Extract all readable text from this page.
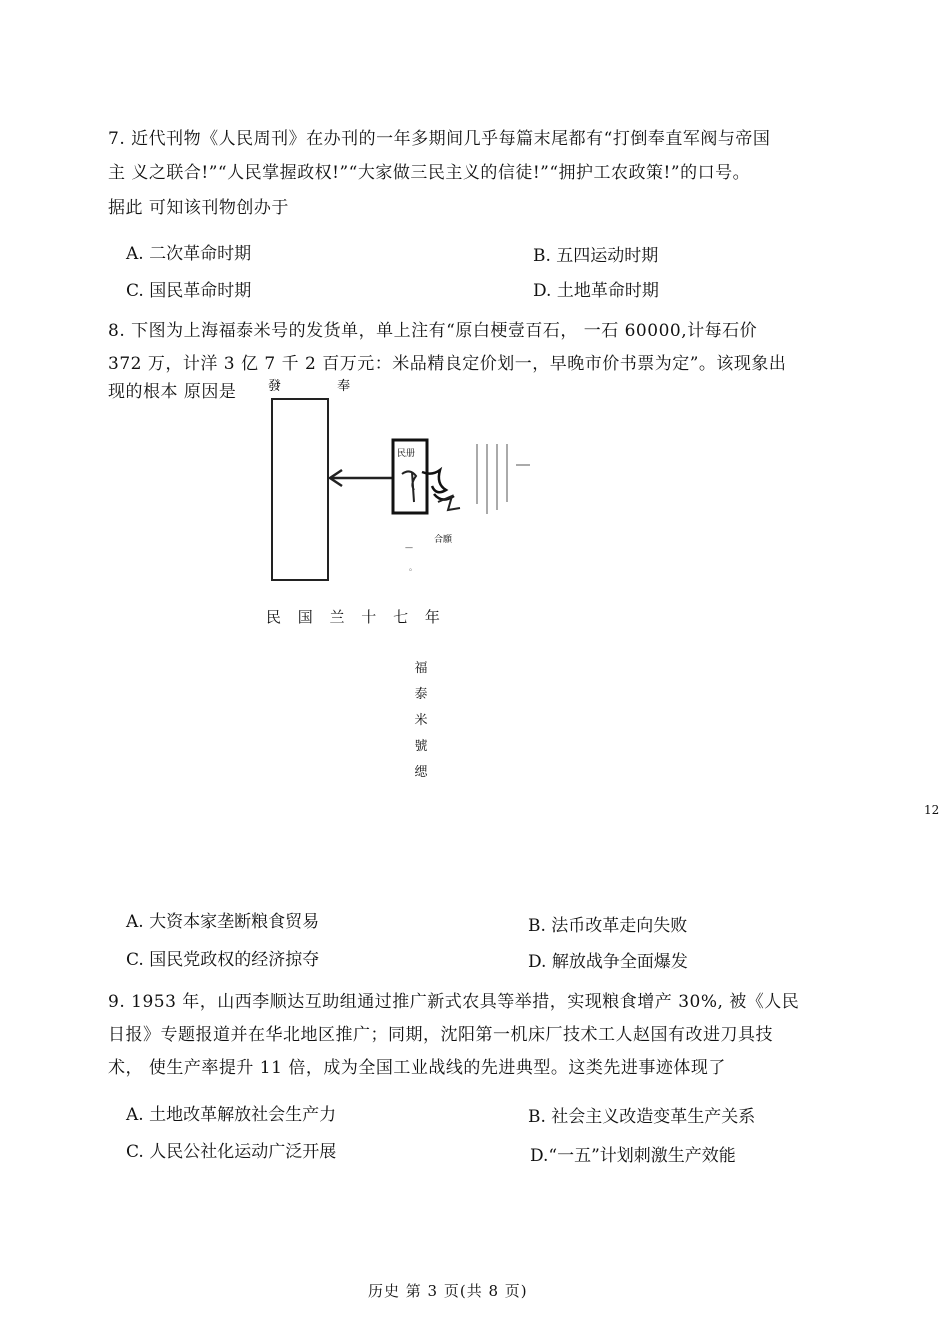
7. 近代刊物《人民周刊》在办刊的一年多期间几乎每篇末尾都有“打倒奉直军阀与帝国
主 义之联合!”“人民掌握政权!”“大家做三民主义的信徒!”“拥护工农政策!”的口号。
据此 可知该刊物创办于
A. 二次革命时期	B. 五四运动时期
C. 国民革命时期	D. 土地革命时期
8. 下图为上海福泰米号的发货单，单上注有“原白梗壹百石， 一石 60000,计每石价
372 万，计洋 3 亿 7 千 2 百万元：米品精良定价划一，早晚市价书票为定”。该现象出
现的根本 原因是 發 奉
民册
合願
—
。
民 国 兰 十 七 年
福
泰
米
號
缌
12
A. 大资本家垄断粮食贸易	B. 法币改革走向失败
C. 国民党政权的经济掠夺	D. 解放战争全面爆发
9. 1953 年，山西李顺达互助组通过推广新式农具等举措，实现粮食增产 30%, 被《人民
日报》专题报道并在华北地区推广；同期，沈阳第一机床厂技术工人赵国有改进刀具技
术， 使生产率提升 11 倍，成为全国工业战线的先进典型。这类先进事迹体现了
A. 土地改革解放社会生产力	B. 社会主义改造变革生产关系
C. 人民公社化运动广泛开展	D.“一五”计划刺激生产效能
历史 第 3 页(共 8 页)
